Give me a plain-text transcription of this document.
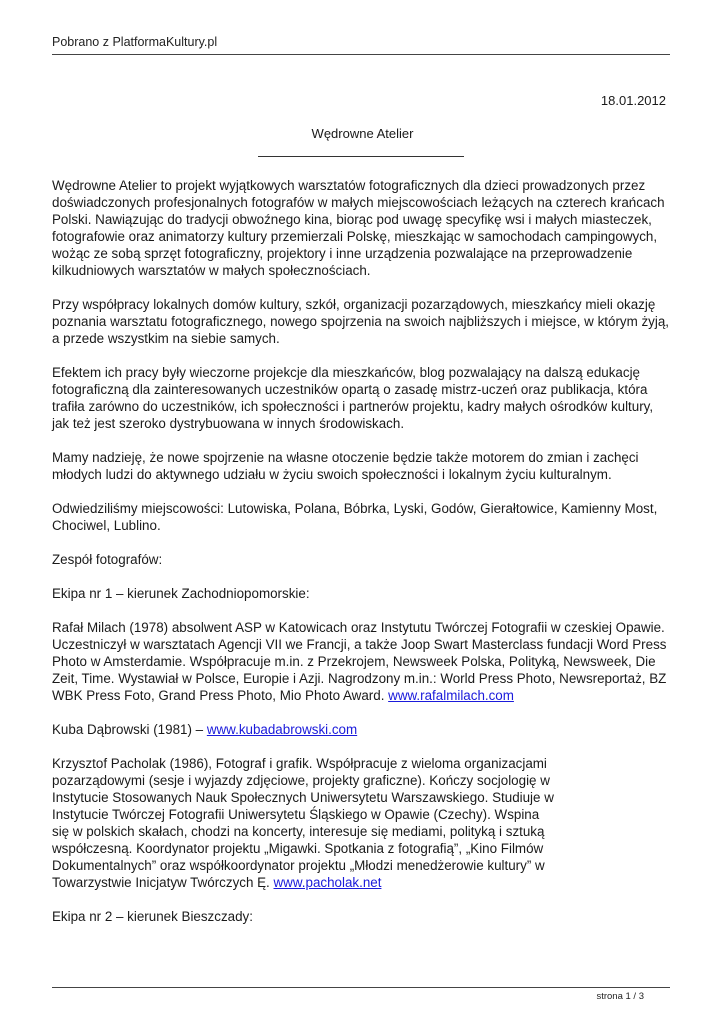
Pobrano z PlatformaKultury.pl
18.01.2012
Wędrowne Atelier

Wędrowne Atelier to projekt wyjątkowych warsztatów fotograficznych dla dzieci prowadzonych przez doświadczonych profesjonalnych fotografów w małych miejscowościach leżących na czterech krańcach Polski. Nawiązując do tradycji obwoźnego kina, biorąc pod uwagę specyfikę wsi i małych miasteczek, fotografowie oraz animatorzy kultury przemierzali Polskę, mieszkając w samochodach campingowych, wożąc ze sobą sprzęt fotograficzny, projektory i inne urządzenia pozwalające na przeprowadzenie kilkudniowych warsztatów w małych społecznościach.

Przy współpracy lokalnych domów kultury, szkół, organizacji pozarządowych, mieszkańcy mieli okazję poznania warsztatu fotograficznego, nowego spojrzenia na swoich najbliższych i miejsce, w którym żyją, a przede wszystkim na siebie samych.

Efektem ich pracy były wieczorne projekcje dla mieszkańców, blog pozwalający na dalszą edukację fotograficzną dla zainteresowanych uczestników opartą o zasadę mistrz-uczeń oraz publikacja, która trafiła zarówno do uczestników, ich społeczności i partnerów projektu, kadry małych ośrodków kultury, jak też jest szeroko dystrybuowana w innych środowiskach.

Mamy nadzieję, że nowe spojrzenie na własne otoczenie będzie także motorem do zmian i zachęci młodych ludzi do aktywnego udziału w życiu swoich społeczności i lokalnym życiu kulturalnym.

Odwiedziliśmy miejscowości: Lutowiska, Polana, Bóbrka, Lyski, Godów, Gierałtowice, Kamienny Most, Chociwel, Lublino.

Zespół fotografów:

Ekipa nr 1 – kierunek Zachodniopomorskie:

Rafał Milach (1978) absolwent ASP w Katowicach oraz Instytutu Twórczej Fotografii w czeskiej Opawie. Uczestniczył w warsztatach Agencji VII we Francji, a także Joop Swart Masterclass fundacji Word Press Photo w Amsterdamie. Współpracuje m.in. z Przekrojem, Newsweek Polska, Polityką, Newsweek, Die Zeit, Time. Wystawiał w Polsce, Europie i Azji. Nagrodzony m.in.: World Press Photo, Newsreportaż, BZ WBK Press Foto, Grand Press Photo, Mio Photo Award. www.rafalmilach.com

Kuba Dąbrowski (1981) – www.kubadabrowski.com

Krzysztof Pacholak (1986), Fotograf i grafik. Współpracuje z wieloma organizacjami pozarządowymi (sesje i wyjazdy zdjęciowe, projekty graficzne). Kończy socjologię w Instytucie Stosowanych Nauk Społecznych Uniwersytetu Warszawskiego. Studiuje w Instytucie Twórczej Fotografii Uniwersytetu Śląskiego w Opawie (Czechy). Wspina się w polskich skałach, chodzi na koncerty, interesuje się mediami, polityką i sztuką współczesną. Koordynator projektu „Migawki. Spotkania z fotografią”, „Kino Filmów Dokumentalnych” oraz współkoordynator projektu „Młodzi menedżerowie kultury” w Towarzystwie Inicjatyw Twórczych Ę. www.pacholak.net

Ekipa nr 2 – kierunek Bieszczady:

strona 1 / 3
